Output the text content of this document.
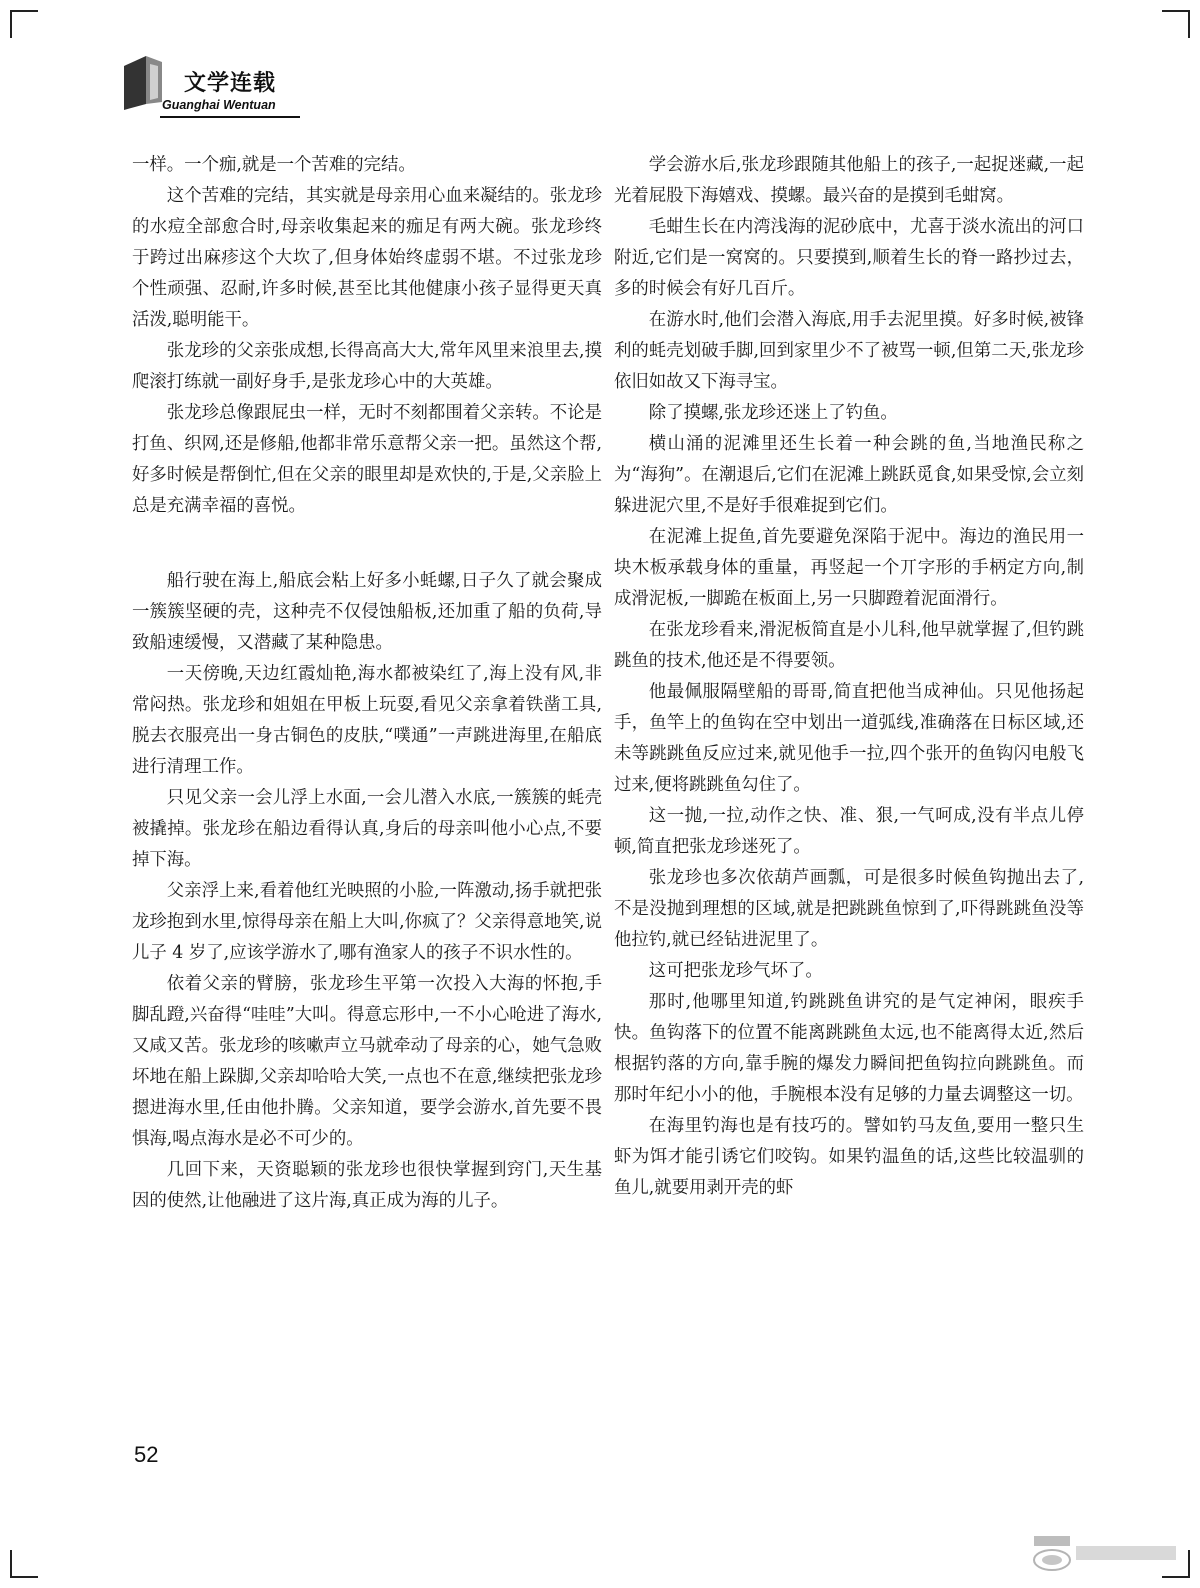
文学连载
Guanghai Wentuan

一样。一个痂,就是一个苦难的完结。

这个苦难的完结，其实就是母亲用心血来凝结的。张龙珍的水痘全部愈合时,母亲收集起来的痂足有两大碗。张龙珍终于跨过出麻疹这个大坎了,但身体始终虚弱不堪。不过张龙珍个性顽强、忍耐,许多时候,甚至比其他健康小孩子显得更天真活泼,聪明能干。

张龙珍的父亲张成想,长得高高大大,常年风里来浪里去,摸爬滚打练就一副好身手,是张龙珍心中的大英雄。

张龙珍总像跟屁虫一样，无时不刻都围着父亲转。不论是打鱼、织网,还是修船,他都非常乐意帮父亲一把。虽然这个帮,好多时候是帮倒忙,但在父亲的眼里却是欢快的,于是,父亲脸上总是充满幸福的喜悦。

船行驶在海上,船底会粘上好多小蚝螺,日子久了就会聚成一簇簇坚硬的壳，这种壳不仅侵蚀船板,还加重了船的负荷,导致船速缓慢，又潜藏了某种隐患。

一天傍晚,天边红霞灿艳,海水都被染红了,海上没有风,非常闷热。张龙珍和姐姐在甲板上玩耍,看见父亲拿着铁凿工具,脱去衣服亮出一身古铜色的皮肤,“噗通”一声跳进海里,在船底进行清理工作。

只见父亲一会儿浮上水面,一会儿潜入水底,一簇簇的蚝壳被撬掉。张龙珍在船边看得认真,身后的母亲叫他小心点,不要掉下海。

父亲浮上来,看着他红光映照的小脸,一阵激动,扬手就把张龙珍抱到水里,惊得母亲在船上大叫,你疯了？父亲得意地笑,说儿子 4 岁了,应该学游水了,哪有渔家人的孩子不识水性的。

依着父亲的臂膀，张龙珍生平第一次投入大海的怀抱,手脚乱蹬,兴奋得“哇哇”大叫。得意忘形中,一不小心呛进了海水,又咸又苦。张龙珍的咳嗽声立马就牵动了母亲的心，她气急败坏地在船上跺脚,父亲却哈哈大笑,一点也不在意,继续把张龙珍摁进海水里,任由他扑腾。父亲知道，要学会游水,首先要不畏惧海,喝点海水是必不可少的。

几回下来，天资聪颖的张龙珍也很快掌握到窍门,天生基因的使然,让他融进了这片海,真正成为海的儿子。

学会游水后,张龙珍跟随其他船上的孩子,一起捉迷藏,一起光着屁股下海嬉戏、摸螺。最兴奋的是摸到毛蚶窝。

毛蚶生长在内湾浅海的泥砂底中，尤喜于淡水流出的河口附近,它们是一窝窝的。只要摸到,顺着生长的脊一路抄过去，多的时候会有好几百斤。

在游水时,他们会潜入海底,用手去泥里摸。好多时候,被锋利的蚝壳划破手脚,回到家里少不了被骂一顿,但第二天,张龙珍依旧如故又下海寻宝。

除了摸螺,张龙珍还迷上了钓鱼。

横山涌的泥滩里还生长着一种会跳的鱼,当地渔民称之为“海狗”。在潮退后,它们在泥滩上跳跃觅食,如果受惊,会立刻躲进泥穴里,不是好手很难捉到它们。

在泥滩上捉鱼,首先要避免深陷于泥中。海边的渔民用一块木板承载身体的重量，再竖起一个丌字形的手柄定方向,制成滑泥板,一脚跪在板面上,另一只脚蹬着泥面滑行。

在张龙珍看来,滑泥板简直是小儿科,他早就掌握了,但钓跳跳鱼的技术,他还是不得要领。

他最佩服隔壁船的哥哥,简直把他当成神仙。只见他扬起手，鱼竿上的鱼钩在空中划出一道弧线,准确落在日标区域,还未等跳跳鱼反应过来,就见他手一拉,四个张开的鱼钩闪电般飞过来,便将跳跳鱼勾住了。

这一抛,一拉,动作之快、准、狠,一气呵成,没有半点儿停顿,简直把张龙珍迷死了。

张龙珍也多次依葫芦画瓢，可是很多时候鱼钩抛出去了,不是没抛到理想的区域,就是把跳跳鱼惊到了,吓得跳跳鱼没等他拉钓,就已经钻进泥里了。

这可把张龙珍气坏了。

那时,他哪里知道,钓跳跳鱼讲究的是气定神闲，眼疾手快。鱼钩落下的位置不能离跳跳鱼太远,也不能离得太近,然后根据钓落的方向,靠手腕的爆发力瞬间把鱼钩拉向跳跳鱼。而那时年纪小小的他，手腕根本没有足够的力量去调整这一切。

在海里钓海也是有技巧的。譬如钓马友鱼,要用一整只生虾为饵才能引诱它们咬钩。如果钓温鱼的话,这些比较温驯的鱼儿,就要用剥开壳的虾

52
